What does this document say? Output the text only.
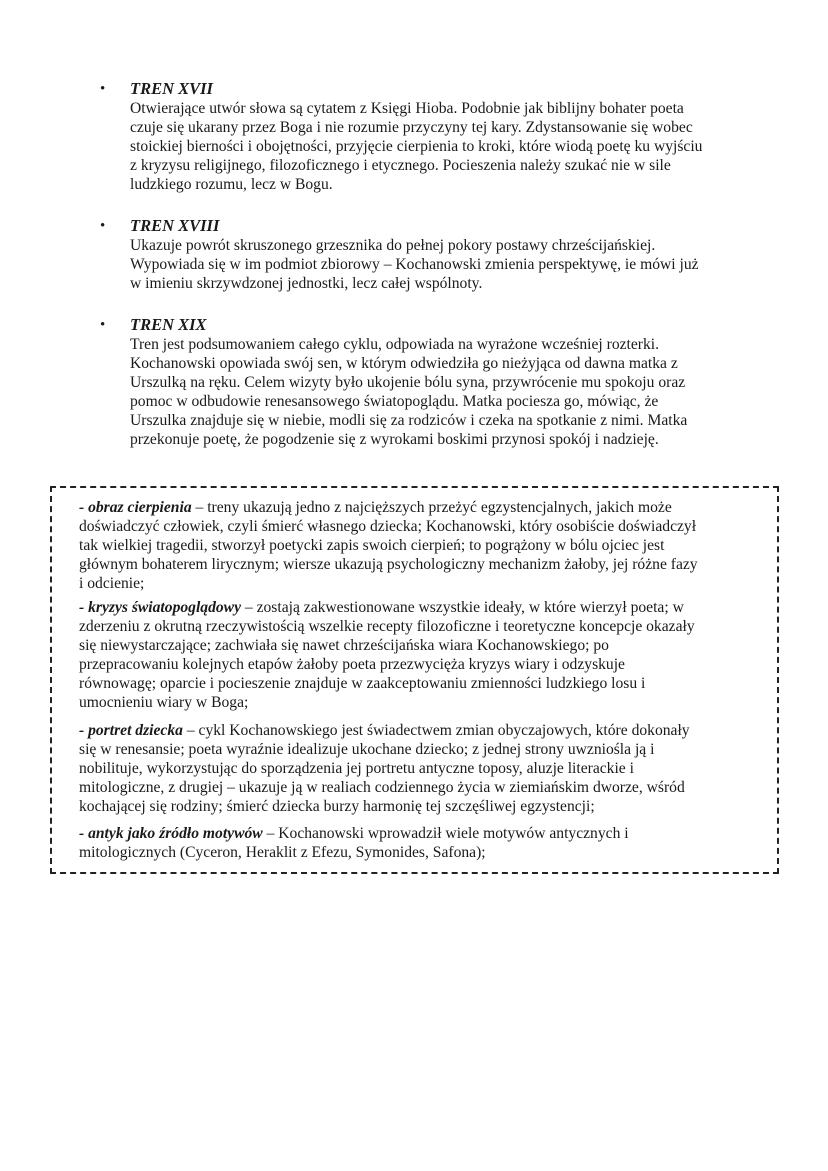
• TREN XVII
Otwierające utwór słowa są cytatem z Księgi Hioba. Podobnie jak biblijny bohater poeta
czuje się ukarany przez Boga i nie rozumie przyczyny tej kary. Zdystansowanie się wobec
stoickiej bierności i obojętności, przyjęcie cierpienia to kroki, które wiodą poetę ku wyjściu
z kryzysu religijnego, filozoficznego i etycznego. Pocieszenia należy szukać nie w sile
ludzkiego rozumu, lecz w Bogu.
• TREN XVIII
Ukazuje powrót skruszonego grzesznika do pełnej pokory postawy chrześcijańskiej.
Wypowiada się w im podmiot zbiorowy – Kochanowski zmienia perspektywę, ie mówi już
w imieniu skrzywdzonej jednostki, lecz całej wspólnoty.
• TREN XIX
Tren jest podsumowaniem całego cyklu, odpowiada na wyrażone wcześniej rozterki.
Kochanowski opowiada swój sen, w którym odwiedziła go nieżyjąca od dawna matka z
Urszulką na ręku. Celem wizyty było ukojenie bólu syna, przywrócenie mu spokoju oraz
pomoc w odbudowie renesansowego światopoglądu. Matka pociesza go, mówiąc, że
Urszulka znajduje się w niebie, modli się za rodziców i czeka na spotkanie z nimi. Matka
przekonuje poetę, że pogodzenie się z wyrokami boskimi przynosi spokój i nadzieję.
- obraz cierpienia – treny ukazują jedno z najcięższych przeżyć egzystencjalnych, jakich może
doświadczyć człowiek, czyli śmierć własnego dziecka; Kochanowski, który osobiście doświadczył
tak wielkiej tragedii, stworzył poetycki zapis swoich cierpień; to pogrążony w bólu ojciec jest
głównym bohaterem lirycznym; wiersze ukazują psychologiczny mechanizm żałoby, jej różne fazy
i odcienie;
- kryzys światopoglądowy – zostają zakwestionowane wszystkie ideały, w które wierzył poeta; w
zderzeniu z okrutną rzeczywistością wszelkie recepty filozoficzne i teoretyczne koncepcje okazały
się niewystarczające; zachwiała się nawet chrześcijańska wiara Kochanowskiego; po
przepracowaniu kolejnych etapów żałoby poeta przezwycięża kryzys wiary i odzyskuje
równowagę; oparcie i pocieszenie znajduje w zaakceptowaniu zmienności ludzkiego losu i
umocnieniu wiary w Boga;
- portret dziecka – cykl Kochanowskiego jest świadectwem zmian obyczajowych, które dokonały
się w renesansie; poeta wyraźnie idealizuje ukochane dziecko; z jednej strony uwzniośla ją i
nobilituje, wykorzystując do sporządzenia jej portretu antyczne toposy, aluzje literackie i
mitologiczne, z drugiej – ukazuje ją w realiach codziennego życia w ziemiańskim dworze, wśród
kochającej się rodziny; śmierć dziecka burzy harmonię tej szczęśliwej egzystencji;
- antyk jako źródło motywów – Kochanowski wprowadził wiele motywów antycznych i
mitologicznych (Cyceron, Heraklit z Efezu, Symonides, Safona);
